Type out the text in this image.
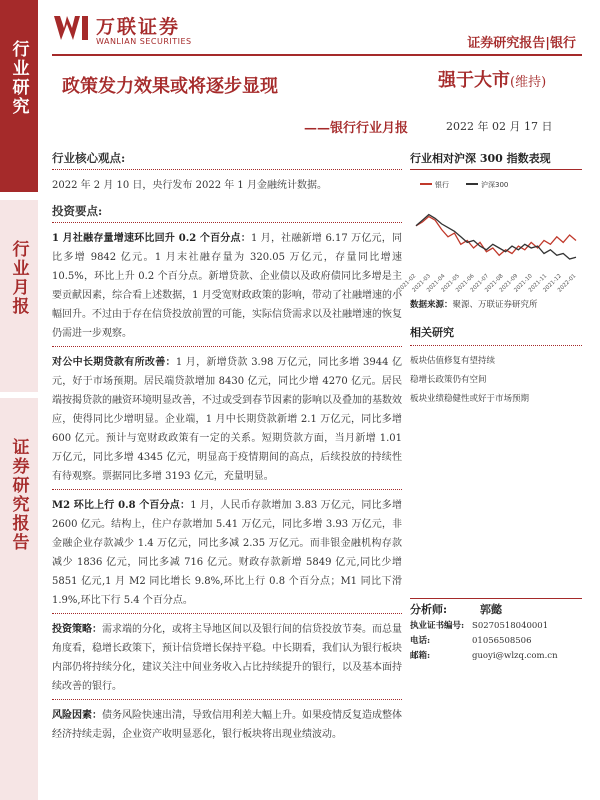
行业研究
行业月报
证券研究报告
万联证券
WANLIAN SECURITIES	证券研究报告|银行
政策发力效果或将逐步显现
——银行行业月报
强于大市(维持)
2022 年 02 月 17 日
行业核心观点:

2022 年 2 月 10 日，央行发布 2022 年 1 月金融统计数据。

投资要点:

1 月社融存量增速环比回升 0.2 个百分点：1 月，社融新增 6.17 万亿元，同比多增 9842 亿元。1 月末社融存量为 320.05 万亿元，存量同比增速 10.5%，环比上升 0.2 个百分点。新增贷款、企业债以及政府债同比多增是主要贡献因素，综合看上述数据，1 月受宽财政政策的影响，带动了社融增速的小幅回升。不过由于存在信贷投放前置的可能，实际信贷需求以及社融增速的恢复仍需进一步观察。

对公中长期贷款有所改善：1 月，新增贷款 3.98 万亿元，同比多增 3944 亿元，好于市场预期。居民端贷款增加 8430 亿元，同比少增 4270 亿元。居民端按揭贷款的融资环境明显改善，不过或受到春节因素的影响以及叠加的基数效应，使得同比少增明显。企业端，1 月中长期贷款新增 2.1 万亿元，同比多增 600 亿元。预计与宽财政政策有一定的关系。短期贷款方面，当月新增 1.01 万亿元，同比多增 4345 亿元，明显高于疫情期间的高点，后续投放的持续性有待观察。票据同比多增 3193 亿元，充量明显。

M2 环比上行 0.8 个百分点：1 月，人民币存款增加 3.83 万亿元，同比多增 2600 亿元。结构上，住户存款增加 5.41 万亿元，同比多增 3.93 万亿元，非金融企业存款减少 1.4 万亿元，同比多减 2.35 万亿元。而非银金融机构存款减少 1836 亿元，同比多减 716 亿元。财政存款新增 5849 亿元,同比少增 5851 亿元,1 月 M2 同比增长 9.8%,环比上行 0.8 个百分点；M1 同比下滑 1.9%,环比下行 5.4 个百分点。

投资策略：需求端的分化，或将主导地区间以及银行间的信贷投放节奏。而总量角度看，稳增长政策下，预计信贷增长保持平稳。中长期看，我们认为银行板块内部仍将持续分化，建议关注中间业务收入占比持续提升的银行，以及基本面持续改善的银行。

风险因素：债务风险快速出清，导致信用利差大幅上升。如果疫情反复造成整体经济持续走弱，企业资产收明显恶化，银行板块将出现业绩波动。

行业相对沪深 300 指数表现
银行	沪深300
2021-02
2021-03
2021-04
2021-05
2021-06
2021-07
2021-08
2021-09
2021-10
2021-11
2021-12
2022-01
数据来源：聚源、万联证券研究所
相关研究
板块估值修复有望持续
稳增长政策仍有空间
板块业绩稳健性或好于市场预期
分析师:	郭懿
执业证书编号: S0270518040001
电话:	01056508506
邮箱:	guoyi@wlzq.com.cn
